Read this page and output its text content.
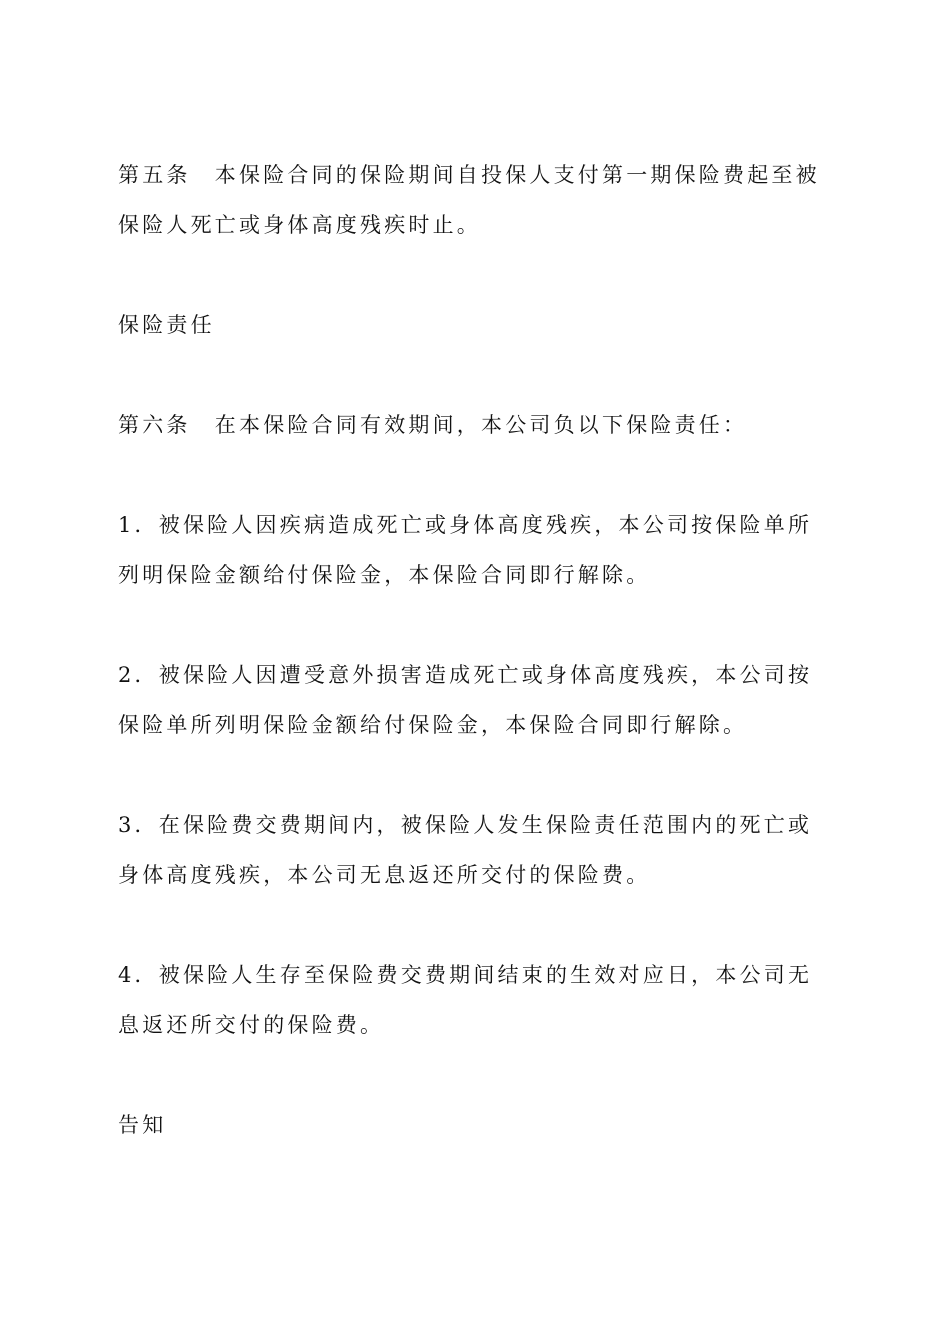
第五条　本保险合同的保险期间自投保人支付第一期保险费起至被保险人死亡或身体高度残疾时止。

保险责任

第六条　在本保险合同有效期间，本公司负以下保险责任：

1．被保险人因疾病造成死亡或身体高度残疾，本公司按保险单所列明保险金额给付保险金，本保险合同即行解除。

2．被保险人因遭受意外损害造成死亡或身体高度残疾，本公司按保险单所列明保险金额给付保险金，本保险合同即行解除。

3．在保险费交费期间内，被保险人发生保险责任范围内的死亡或身体高度残疾，本公司无息返还所交付的保险费。

4．被保险人生存至保险费交费期间结束的生效对应日，本公司无息返还所交付的保险费。

告知
